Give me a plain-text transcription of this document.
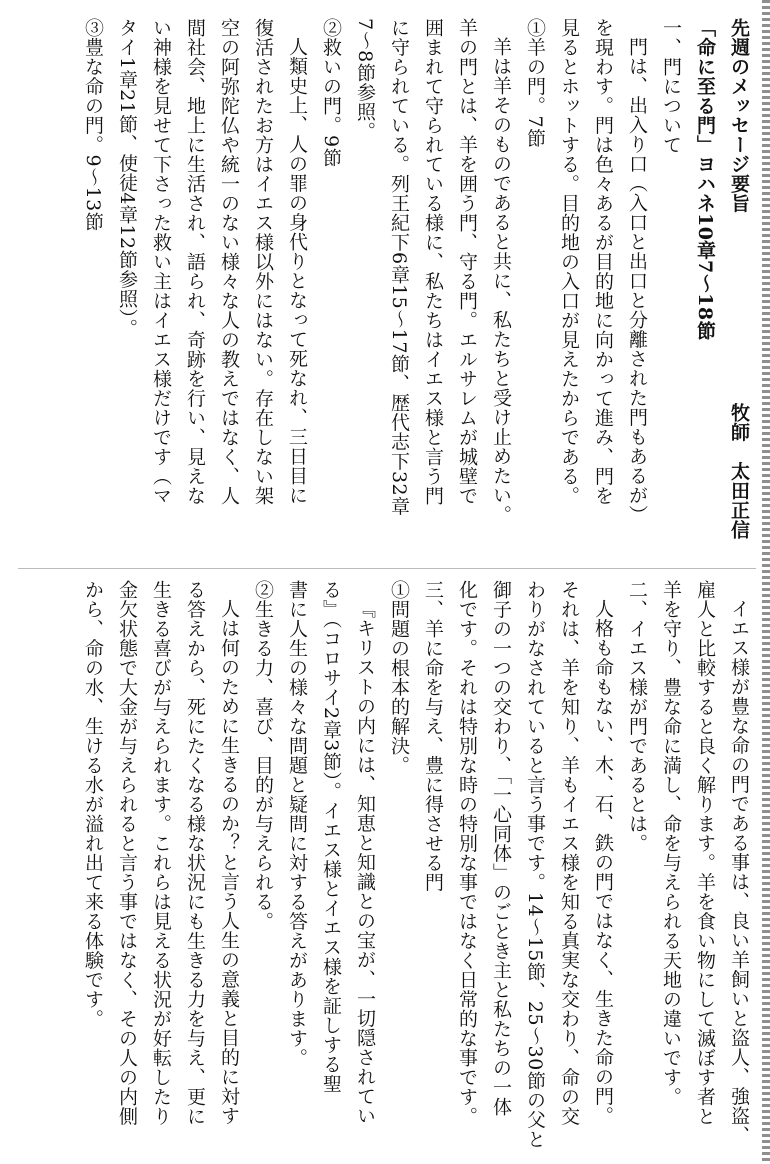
先週のメッセージ要旨牧師　太田正信
「命に至る門」ヨハネ10章7～18節
一、門について
門は、出入り口（入口と出口と分離された門もあるが）
を現わす。門は色々あるが目的地に向かって進み、門を
見るとホットする。目的地の入口が見えたからである。
①羊の門。7節
羊は羊そのものであると共に、私たちと受け止めたい。
羊の門とは、羊を囲う門、守る門。エルサレムが城壁で
囲まれて守られている様に、私たちはイエス様と言う門
に守られている。列王紀下6章15～17節、歴代志下32章
7～8節参照。
②救いの門。9節
人類史上、人の罪の身代りとなって死なれ、三日目に
復活されたお方はイエス様以外にはない。存在しない架
空の阿弥陀仏や統一のない様々な人の教えではなく、人
間社会、地上に生活され、語られ、奇跡を行い、見えな
い神様を見せて下さった救い主はイエス様だけです（マ
タイ1章21節、使徒4章12節参照）。
③豊な命の門。9～13節
イエス様が豊な命の門である事は、良い羊飼いと盗人、強盗、
雇人と比較すると良く解ります。羊を食い物にして滅ぼす者と
羊を守り、豊な命に満し、命を与えられる天地の違いです。
二、イエス様が門であるとは。
人格も命もない、木、石、鉄の門ではなく、生きた命の門。
それは、羊を知り、羊もイエス様を知る真実な交わり、命の交
わりがなされていると言う事です。14～15節、25～30節の父と
御子の一つの交わり、「一心同体」のごとき主と私たちの一体
化です。それは特別な時の特別な事ではなく日常的な事です。
三、羊に命を与え、豊に得させる門
①問題の根本的解決。
『キリストの内には、知恵と知識との宝が、一切隠されてい
る』（コロサイ2章3節）。イエス様とイエス様を証しする聖
書に人生の様々な問題と疑問に対する答えがあります。
②生きる力、喜び、目的が与えられる。
人は何のために生きるのか？と言う人生の意義と目的に対す
る答えから、死にたくなる様な状況にも生きる力を与え、更に
生きる喜びが与えられます。これらは見える状況が好転したり
金欠状態で大金が与えられると言う事ではなく、その人の内側
から、命の水、生ける水が溢れ出て来る体験です。
